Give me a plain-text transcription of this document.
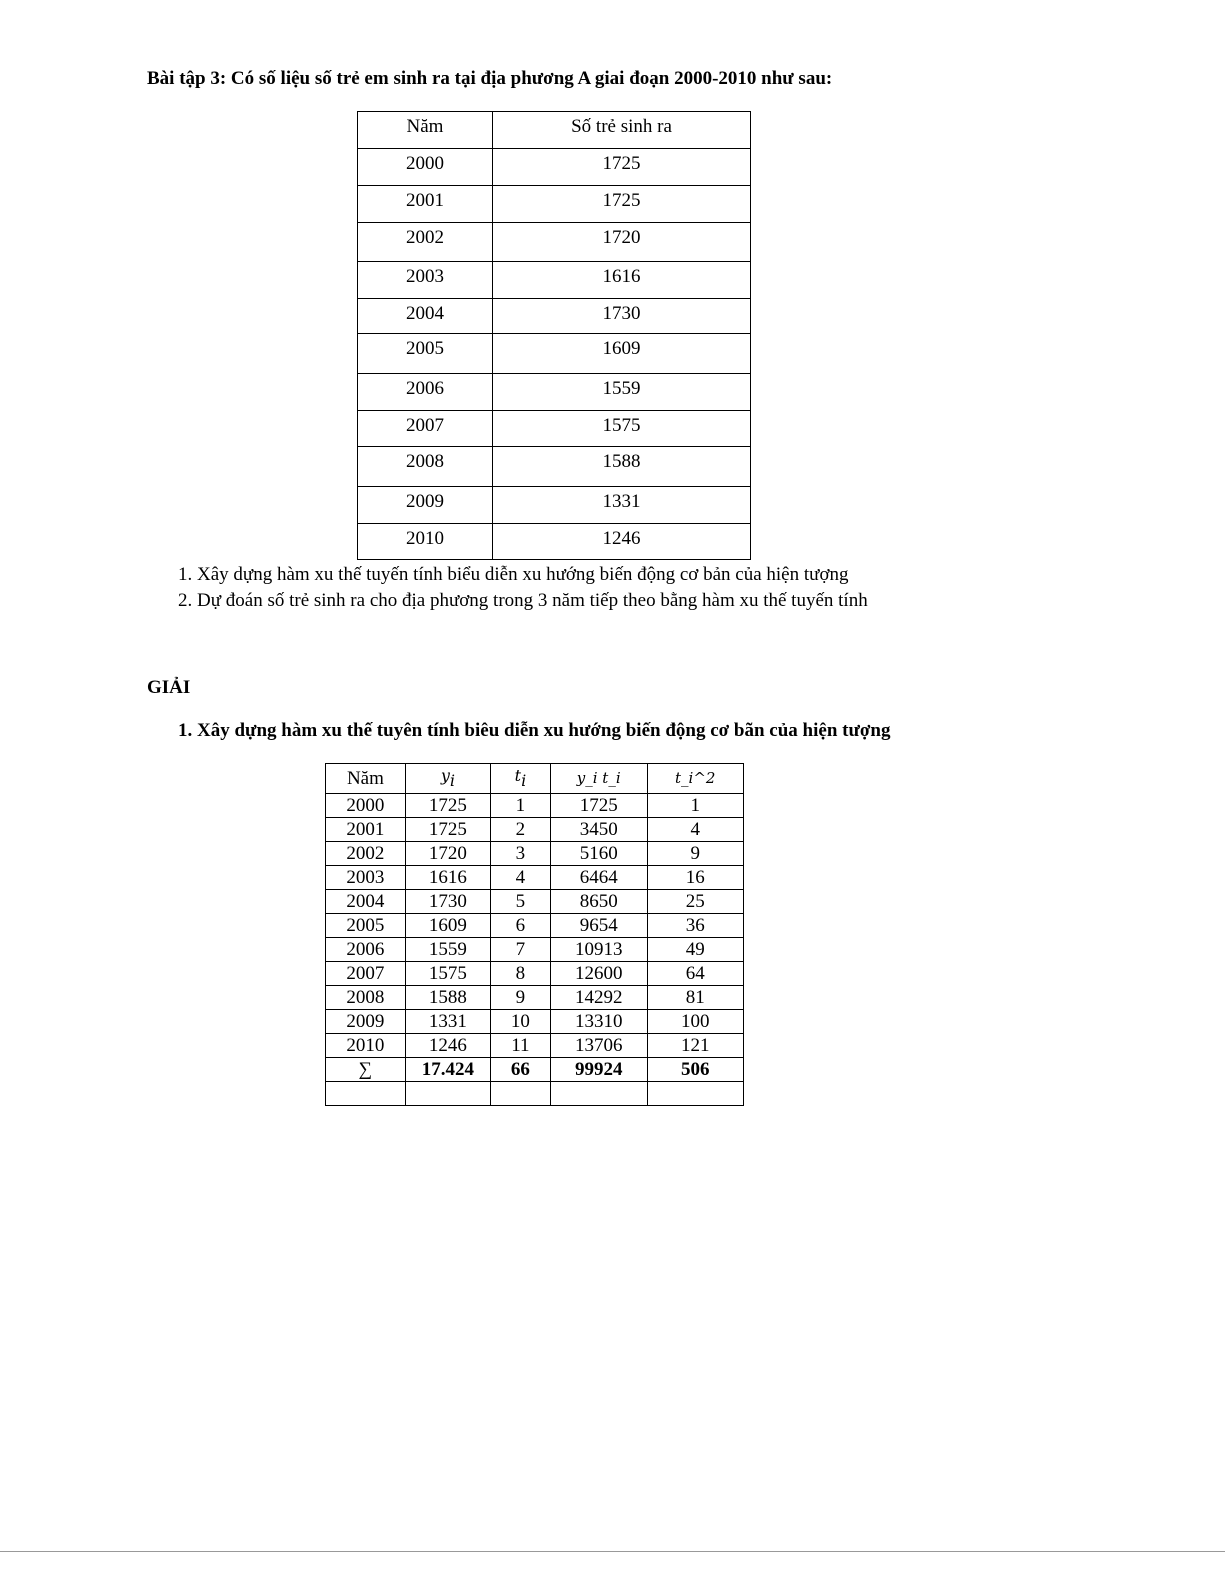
Bài tập 3: Có số liệu số trẻ em sinh ra tại địa phương A giai đoạn 2000-2010 như sau:
Năm	Số trẻ sinh ra
2000	1725
2001	1725
2002	1720
2003	1616
2004	1730
2005	1609
2006	1559
2007	1575
2008	1588
2009	1331
2010	1246
1. Xây dựng hàm xu thế tuyến tính biểu diễn xu hướng biến động cơ bản của hiện tượng
2. Dự đoán số trẻ sinh ra cho địa phương trong 3 năm tiếp theo bằng hàm xu thế tuyến tính
GIẢI
1. Xây dựng hàm xu thế tuyên tính biêu diễn xu hướng biến động cơ bãn của hiện tượng
Năm	$y_i$	$t_i$	y_i t_i	t_i^2
2000	1725	1	1725	1
2001	1725	2	3450	4
2002	1720	3	5160	9
2003	1616	4	6464	16
2004	1730	5	8650	25
2005	1609	6	9654	36
2006	1559	7	10913	49
2007	1575	8	12600	64
2008	1588	9	14292	81
2009	1331	10	13310	100
2010	1246	11	13706	121
∑	17.424	66	99924	506
